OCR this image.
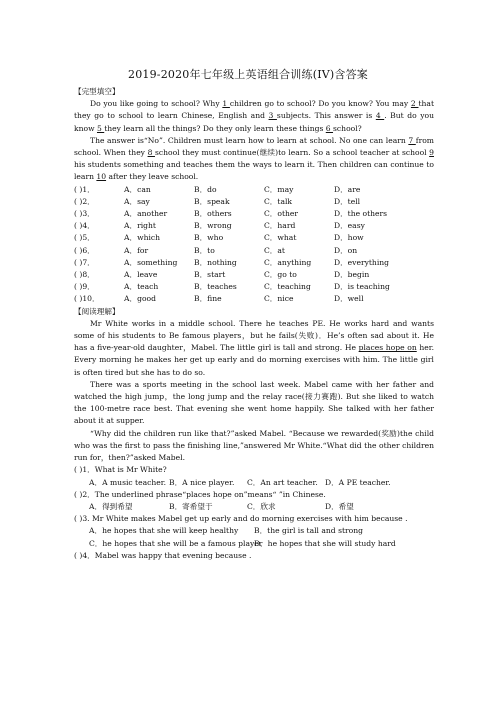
2019-2020年七年级上英语组合训练(IV)含答案

【完型填空】

Do you like going to school? Why 1 children go to school? Do you know? You may 2 that they go to school to learn Chinese, English and 3 subjects. This answer is 4 . But do you know 5 they learn all the things? Do they only learn these things 6 school?

The answer is“No”. Children must learn how to learn at school. No one can learn 7 from school. When they 8 school they must continue(继续)to learn. So a school teacher at school 9 his students something and teaches them the ways to learn it. Then children can continue to learn 10 after they leave school.

( )1．	A．can	B．do	C．may	D．are
( )2．	A．say	B．speak	C．talk	D．tell
( )3．	A．another	B．others	C．other	D．the others
( )4．	A．right	B．wrong	C．hard	D．easy
( )5．	A．which	B．who	C．what	D．how
( )6．	A．for	B．to	C．at	D．on
( )7．	A．something	B．nothing	C．anything	D．everything
( )8．	A．leave	B．start	C．go to	D．begin
( )9．	A．teach	B．teaches	C．teaching	D．is teaching
( )10．	A．good	B．fine	C．nice	D．well

【阅读理解】

Mr White works in a middle school. There he teaches PE. He works hard and wants some of his students to Be famous players，but he fails(失败)．He’s often sad about it. He has a five-year-old daughter，Mabel. The little girl is tall and strong. He places hope on her. Every morning he makes her get up early and do morning exercises with him. The little girl is often tired but she has to do so.

There was a sports meeting in the school last week. Mabel came with her father and watched the high jump，the long jump and the relay race(接力赛跑). But she liked to watch the 100-metre race best. That evening she went home happily. She talked with her father about it at supper.

“Why did the children run like that?”asked Mabel. “Because we rewarded(奖励)the child who was the first to pass the finishing line,”answered Mr White.“What did the other children run for，then?”asked Mabel.

( )1．What is Mr White?

A．A music teacher. B．A nice player.	C．An art teacher. D．A PE teacher.

( )2．The underlined phrase“places hope on”means“ ”in Chinese.

A．得到希望	B．寄希望于	C．欣求	D．希望

( )3. Mr White makes Mabel get up early and do morning exercises with him because .

A．he hopes that she will keep healthy	B．the girl is tall and strong
C．he hopes that she will be a famous player
D．he hopes that she will study hard

( )4．Mabel was happy that evening because .
